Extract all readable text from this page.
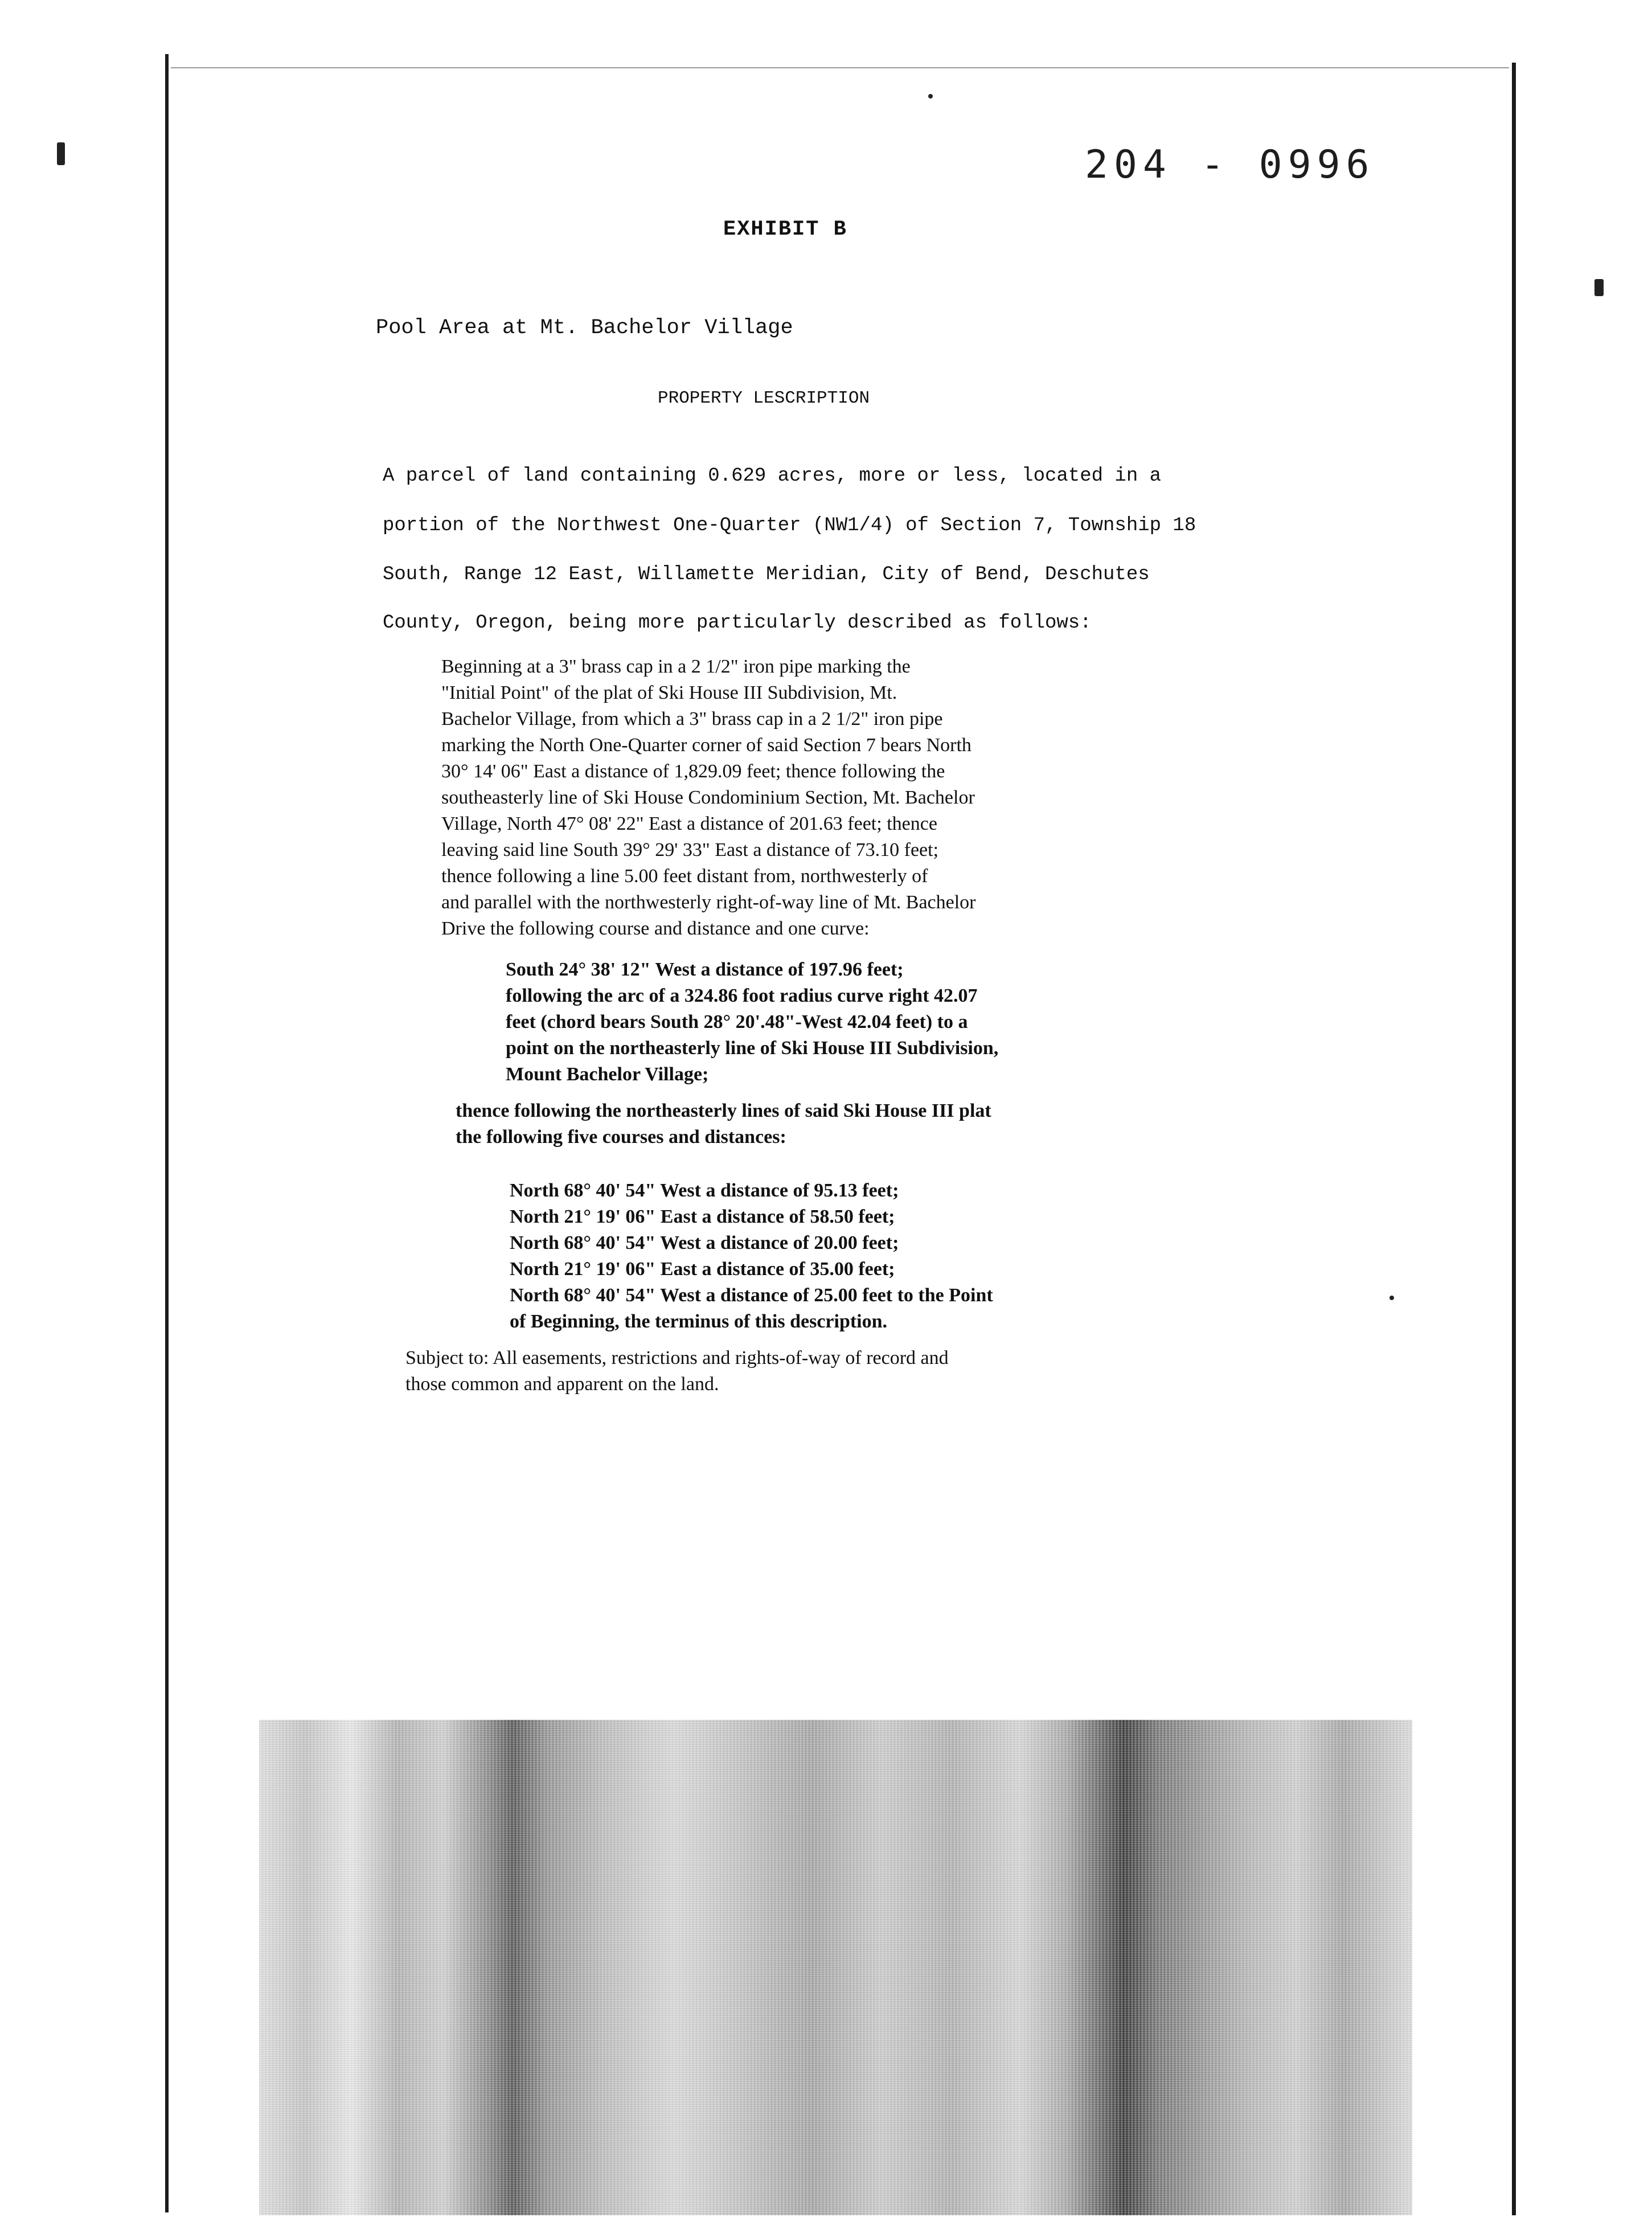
204 - 0996
EXHIBIT B
Pool Area at Mt. Bachelor Village
PROPERTY LESCRIPTION
A parcel of land containing 0.629 acres, more or less, located in a
portion of the Northwest One-Quarter (NW1/4) of Section 7, Township 18
South, Range 12 East, Willamette Meridian, City of Bend, Deschutes
County, Oregon, being more particularly described as follows:
Beginning at a 3" brass cap in a 2 1/2" iron pipe marking the
"Initial Point" of the plat of Ski House III Subdivision, Mt.
Bachelor Village, from which a 3" brass cap in a 2 1/2" iron pipe
marking the North One-Quarter corner of said Section 7 bears North
30° 14' 06" East a distance of 1,829.09 feet; thence following the
southeasterly line of Ski House Condominium Section, Mt. Bachelor
Village, North 47° 08' 22" East a distance of 201.63 feet; thence
leaving said line South 39° 29' 33" East a distance of 73.10 feet;
thence following a line 5.00 feet distant from, northwesterly of
and parallel with the northwesterly right-of-way line of Mt. Bachelor
Drive the following course and distance and one curve:
South 24° 38' 12" West a distance of 197.96 feet;
following the arc of a 324.86 foot radius curve right 42.07
feet (chord bears South 28° 20'.48"-West 42.04 feet) to a
point on the northeasterly line of Ski House III Subdivision,
Mount Bachelor Village;
thence following the northeasterly lines of said Ski House III plat
the following five courses and distances:
North 68° 40' 54" West a distance of 95.13 feet;
North 21° 19' 06" East a distance of 58.50 feet;
North 68° 40' 54" West a distance of 20.00 feet;
North 21° 19' 06" East a distance of 35.00 feet;
North 68° 40' 54" West a distance of 25.00 feet to the Point
of Beginning, the terminus of this description.
Subject to: All easements, restrictions and rights-of-way of record and
those common and apparent on the land.
